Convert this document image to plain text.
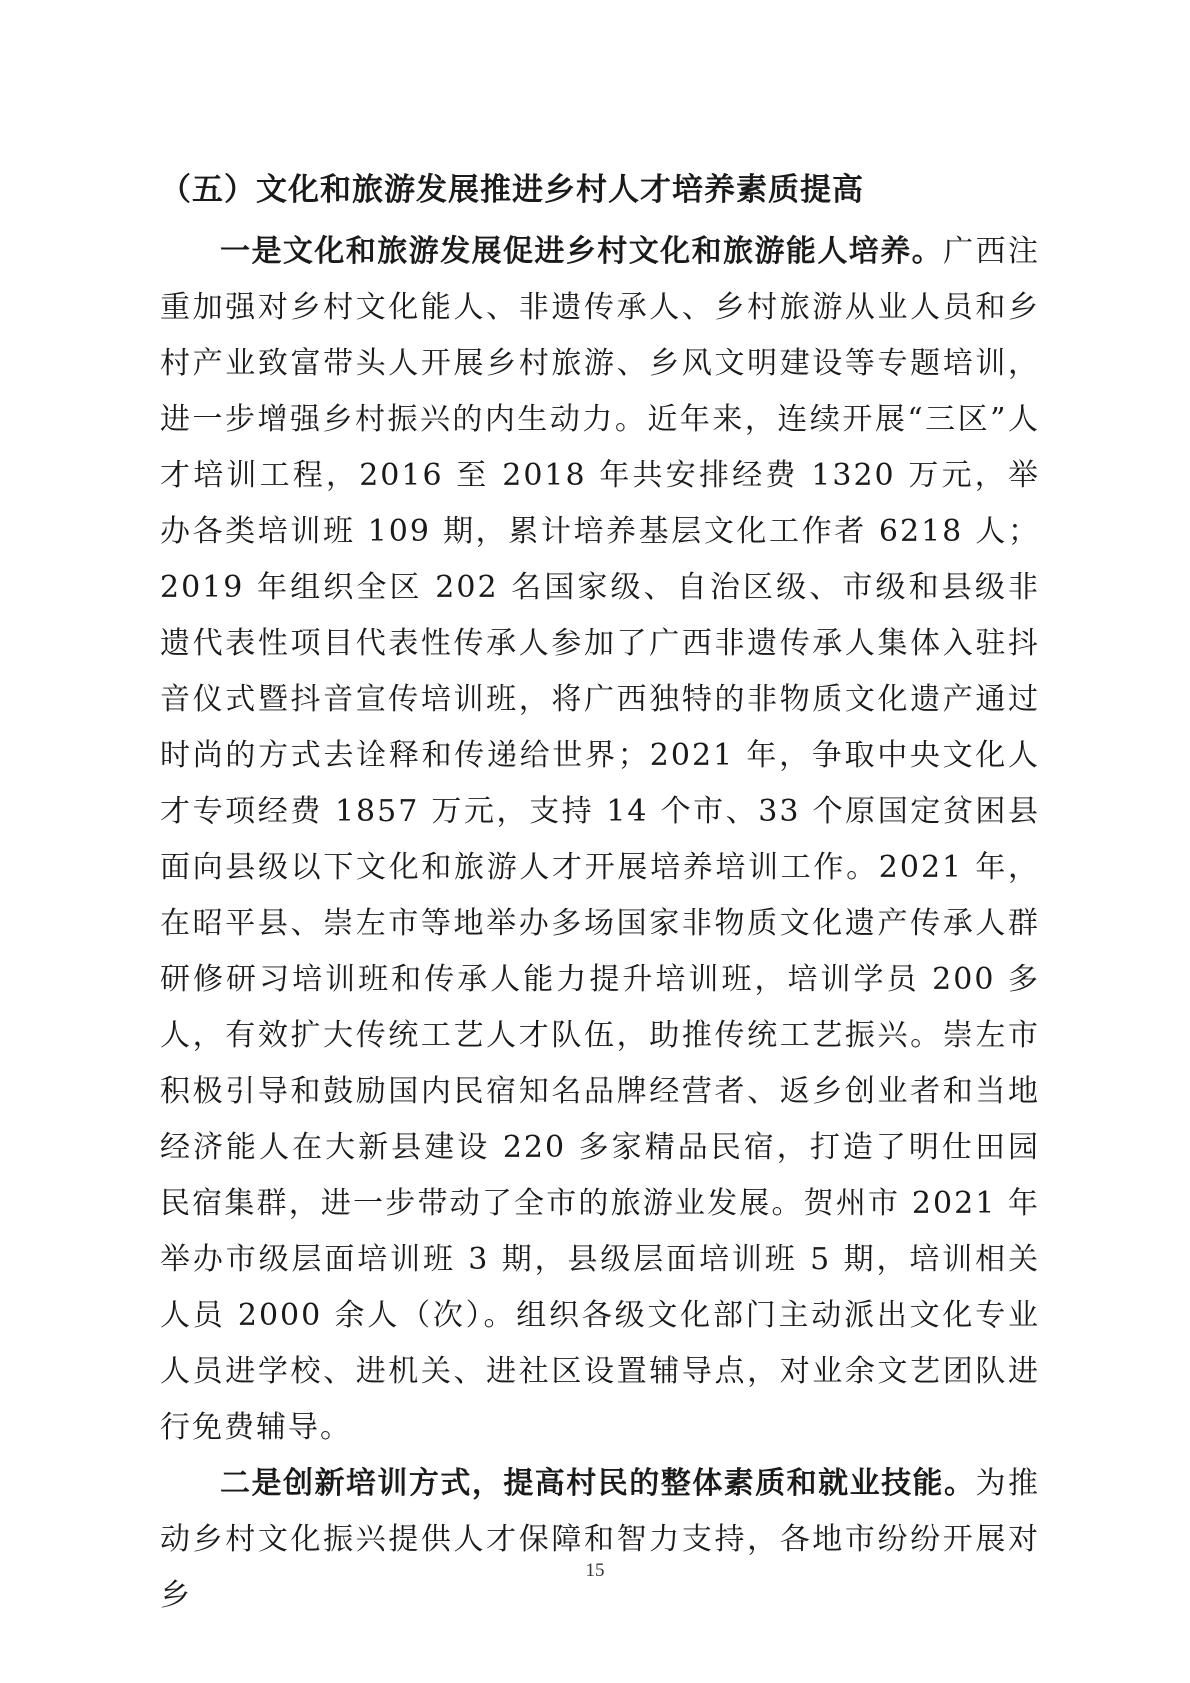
（五）文化和旅游发展推进乡村人才培养素质提高

一是文化和旅游发展促进乡村文化和旅游能人培养。广西注重加强对乡村文化能人、非遗传承人、乡村旅游从业人员和乡村产业致富带头人开展乡村旅游、乡风文明建设等专题培训，进一步增强乡村振兴的内生动力。近年来，连续开展“三区”人才培训工程，2016 至 2018 年共安排经费 1320 万元，举办各类培训班 109 期，累计培养基层文化工作者 6218 人；2019 年组织全区 202 名国家级、自治区级、市级和县级非遗代表性项目代表性传承人参加了广西非遗传承人集体入驻抖音仪式暨抖音宣传培训班，将广西独特的非物质文化遗产通过时尚的方式去诠释和传递给世界；2021 年，争取中央文化人才专项经费 1857 万元，支持 14 个市、33 个原国定贫困县面向县级以下文化和旅游人才开展培养培训工作。2021 年，在昭平县、崇左市等地举办多场国家非物质文化遗产传承人群研修研习培训班和传承人能力提升培训班，培训学员 200 多人，有效扩大传统工艺人才队伍，助推传统工艺振兴。崇左市积极引导和鼓励国内民宿知名品牌经营者、返乡创业者和当地经济能人在大新县建设 220 多家精品民宿，打造了明仕田园民宿集群，进一步带动了全市的旅游业发展。贺州市 2021 年举办市级层面培训班 3 期，县级层面培训班 5 期，培训相关人员 2000 余人（次）。组织各级文化部门主动派出文化专业人员进学校、进机关、进社区设置辅导点，对业余文艺团队进行免费辅导。

二是创新培训方式，提高村民的整体素质和就业技能。为推动乡村文化振兴提供人才保障和智力支持，各地市纷纷开展对乡

15
